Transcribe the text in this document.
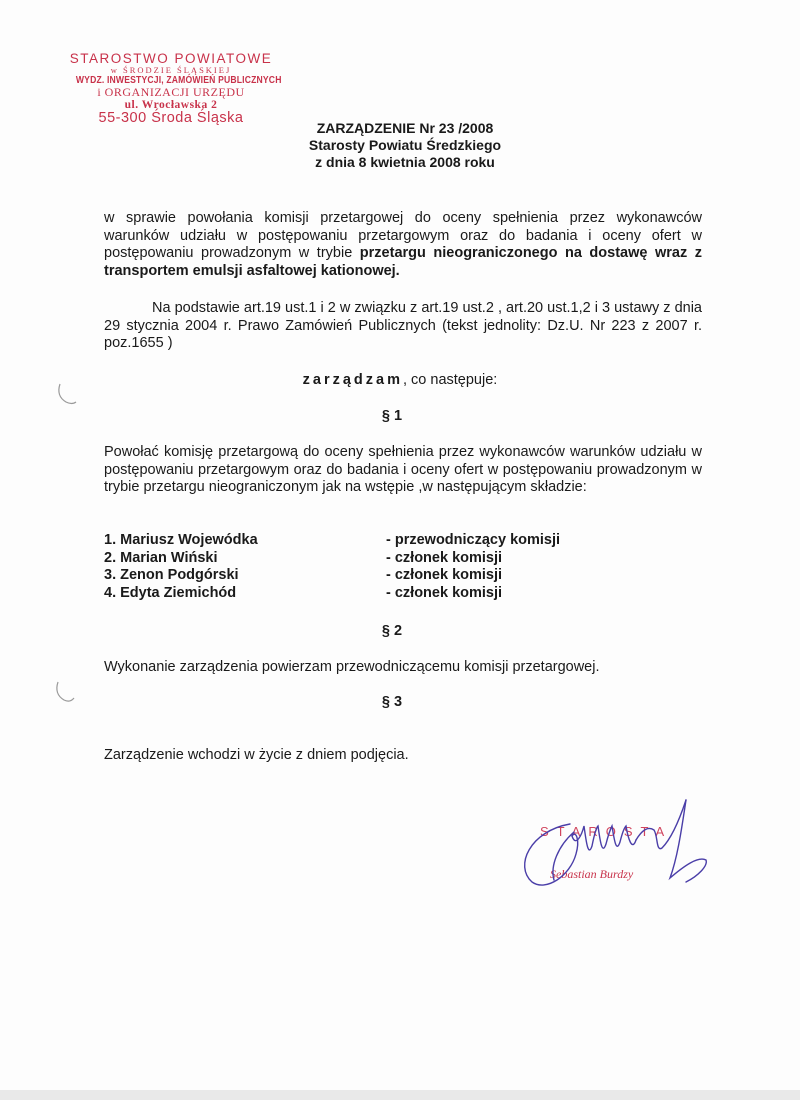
STAROSTWO POWIATOWE
w ŚRODZIE ŚLĄSKIEJ
WYDZ. INWESTYCJI, ZAMÓWIEŃ PUBLICZNYCH
i ORGANIZACJI URZĘDU
ul. Wrocławska 2
55-300 Środa Śląska
ZARZĄDZENIE Nr 23 /2008
Starosty Powiatu Średzkiego
z dnia 8 kwietnia 2008 roku
w sprawie powołania komisji przetargowej do oceny spełnienia przez wykonawców warunków udziału w postępowaniu przetargowym oraz do badania i oceny ofert w postępowaniu prowadzonym w trybie przetargu nieograniczonego na dostawę wraz z transportem emulsji asfaltowej kationowej.
Na podstawie art.19 ust.1 i 2 w związku z art.19 ust.2 , art.20 ust.1,2 i 3 ustawy z dnia 29 stycznia 2004 r. Prawo Zamówień Publicznych (tekst jednolity: Dz.U. Nr 223 z 2007 r. poz.1655 )
zarządzam, co następuje:
§ 1
Powołać komisję przetargową do oceny spełnienia przez wykonawców warunków udziału w postępowaniu przetargowym oraz do badania i oceny ofert w postępowaniu prowadzonym w trybie przetargu nieograniczonym jak na wstępie ,w następującym składzie:
1. Mariusz Wojewódka	- przewodniczący komisji
2. Marian Wiński	- członek komisji
3. Zenon Podgórski	- członek komisji
4. Edyta Ziemichód	- członek komisji
§ 2
Wykonanie zarządzenia powierzam przewodniczącemu komisji przetargowej.
§ 3
Zarządzenie wchodzi w życie z dniem podjęcia.
STAROSTA
Sebastian Burdzy
